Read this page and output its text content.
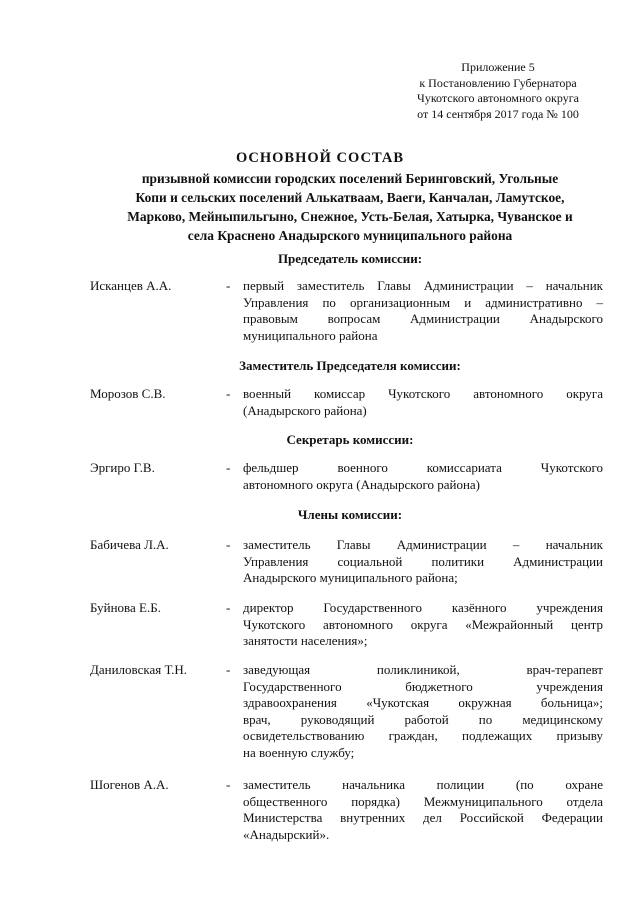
Приложение 5
к Постановлению Губернатора
Чукотского автономного округа
от 14 сентября 2017 года № 100
ОСНОВНОЙ СОСТАВ
призывной комиссии городских поселений Беринговский, Угольные
Копи и сельских поселений Алькатваам, Ваеги, Канчалан, Ламутское,
Марково, Мейныпильгыно, Снежное, Усть-Белая, Хатырка, Чуванское и
села Краснено Анадырского муниципального района
Председатель комиссии:
Исканцев А.А.	- первый заместитель Главы Администрации – начальник
Управления по организационным и административно –
правовым вопросам Администрации Анадырского
муниципального района
Заместитель Председателя комиссии:
Морозов С.В.	- военный комиссар Чукотского автономного округа
(Анадырского района)
Секретарь комиссии:
Эргиро Г.В.	- фельдшер военного комиссариата Чукотского
автономного округа (Анадырского района)
Члены комиссии:
Бабичева Л.А.	- заместитель Главы Администрации – начальник
Управления социальной политики Администрации
Анадырского муниципального района;
Буйнова Е.Б.	- директор Государственного казённого учреждения
Чукотского автономного округа «Межрайонный центр
занятости населения»;
Даниловская Т.Н.	- заведующая поликлиникой, врач-терапевт
Государственного бюджетного учреждения
здравоохранения «Чукотская окружная больница»;
врач, руководящий работой по медицинскому
освидетельствованию граждан, подлежащих призыву
на военную службу;
Шогенов А.А.	- заместитель начальника полиции (по охране
общественного порядка) Межмуниципального отдела
Министерства внутренних дел Российской Федерации
«Анадырский».
